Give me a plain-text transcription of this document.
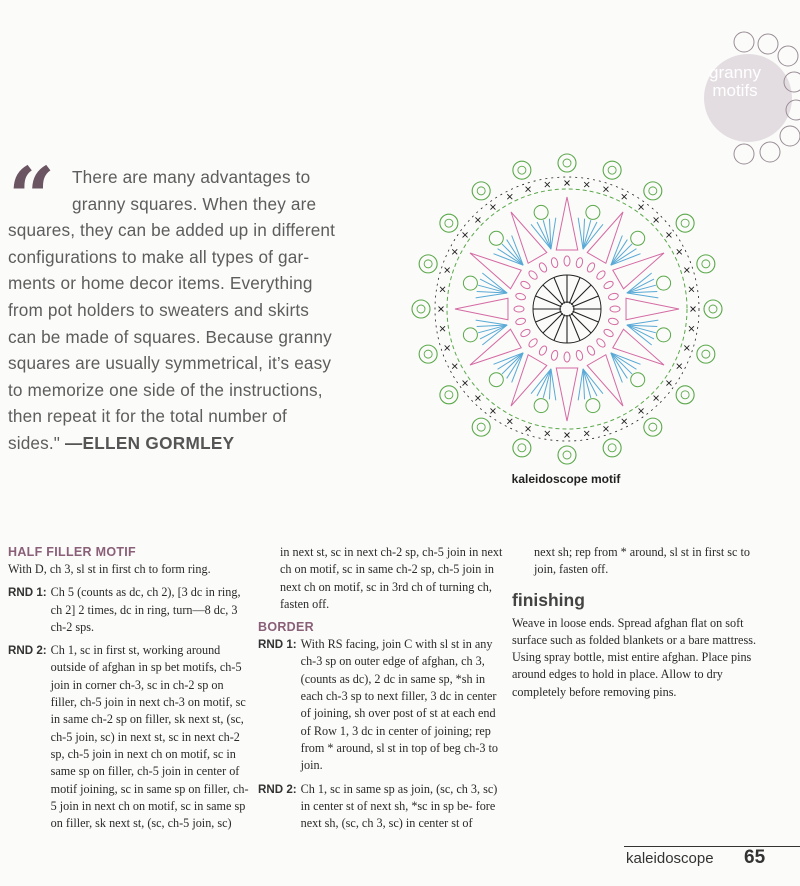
granny motifs
“ There are many advantages to
granny squares. When they are
squares, they can be added up in different
configurations to make all types of gar-
ments or home decor items. Everything
from pot holders to sweaters and skirts
can be made of squares. Because granny
squares are usually symmetrical, it’s easy
to memorize one side of the instructions,
then repeat it for the total number of
sides." —ELLEN GORMLEY
kaleidoscope motif
HALF FILLER MOTIF
With D, ch 3, sl st in first ch to form ring.
RND 1: Ch 5 (counts as dc, ch 2), [3 dc in ring, ch 2] 2 times, dc in ring, turn—8 dc, 3 ch-2 sps.
RND 2: Ch 1, sc in first st, working around outside of afghan in sp bet motifs, ch-5 join in corner ch-3, sc in ch-2 sp on filler, ch-5 join in next ch-3 on motif, sc in same ch-2 sp on filler, sk next st, (sc, ch-5 join, sc) in next st, sc in next ch-2 sp, ch-5 join in next ch on motif, sc in same sp on filler, ch-5 join in center of motif joining, sc in same sp on filler, ch-5 join in next ch on motif, sc in same sp on filler, sk next st, (sc, ch-5 join, sc)
in next st, sc in next ch-2 sp, ch-5 join in next ch on motif, sc in same ch-2 sp, ch-5 join in next ch on motif, sc in 3rd ch of turning ch, fasten off.
BORDER
RND 1: With RS facing, join C with sl st in any ch-3 sp on outer edge of afghan, ch 3, (counts as dc), 2 dc in same sp, *sh in each ch-3 sp to next filler, 3 dc in center of joining, sh over post of st at each end of Row 1, 3 dc in center of joining; rep from * around, sl st in top of beg ch-3 to join.
RND 2: Ch 1, sc in same sp as join, (sc, ch 3, sc) in center st of next sh, *sc in sp be- fore next sh, (sc, ch 3, sc) in center st of
next sh; rep from * around, sl st in first sc to join, fasten off.
finishing
Weave in loose ends. Spread afghan flat on soft surface such as folded blankets or a bare mattress. Using spray bottle, mist entire afghan. Place pins around edges to hold in place. Allow to dry completely before removing pins.
kaleidoscope 65
